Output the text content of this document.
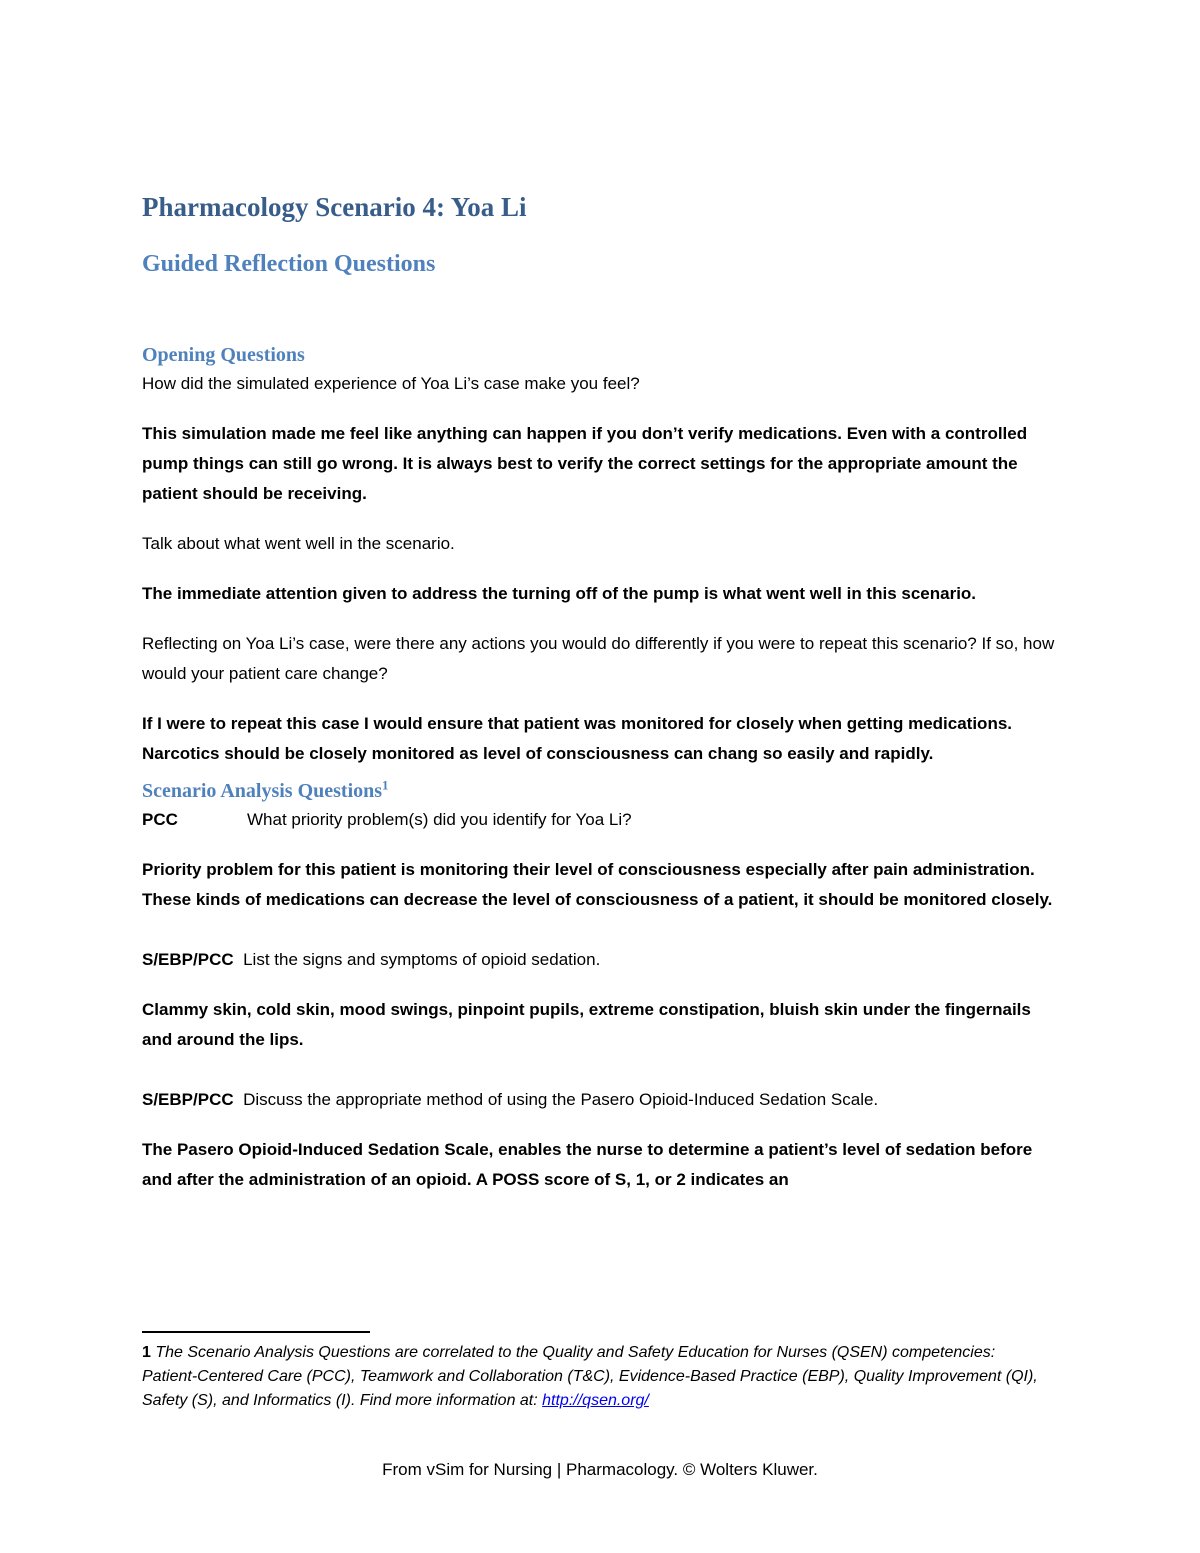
Pharmacology Scenario 4: Yoa Li
Guided Reflection Questions
Opening Questions

How did the simulated experience of Yoa Li’s case make you feel?

This simulation made me feel like anything can happen if you don’t verify medications. Even with a controlled pump things can still go wrong. It is always best to verify the correct settings for the appropriate amount the patient should be receiving.

Talk about what went well in the scenario.

The immediate attention given to address the turning off of the pump is what went well in this scenario.

Reflecting on Yoa Li’s case, were there any actions you would do differently if you were to repeat this scenario? If so, how would your patient care change?

If I were to repeat this case I would ensure that patient was monitored for closely when getting medications. Narcotics should be closely monitored as level of consciousness can chang so easily and rapidly.

Scenario Analysis Questions$^1$

PCC	What priority problem(s) did you identify for Yoa Li?

Priority problem for this patient is monitoring their level of consciousness especially after pain administration. These kinds of medications can decrease the level of consciousness of a patient, it should be monitored closely.

S/EBP/PCC List the signs and symptoms of opioid sedation.

Clammy skin, cold skin, mood swings, pinpoint pupils, extreme constipation, bluish skin under the fingernails and around the lips.

S/EBP/PCC Discuss the appropriate method of using the Pasero Opioid-Induced Sedation Scale.

The Pasero Opioid-Induced Sedation Scale, enables the nurse to determine a patient’s level of sedation before and after the administration of an opioid. A POSS score of S, 1, or 2 indicates an

1 The Scenario Analysis Questions are correlated to the Quality and Safety Education for Nurses (QSEN) competencies: Patient-Centered Care (PCC), Teamwork and Collaboration (T&C), Evidence-Based Practice (EBP), Quality Improvement (QI), Safety (S), and Informatics (I). Find more information at: http://qsen.org/
From vSim for Nursing | Pharmacology. © Wolters Kluwer.
